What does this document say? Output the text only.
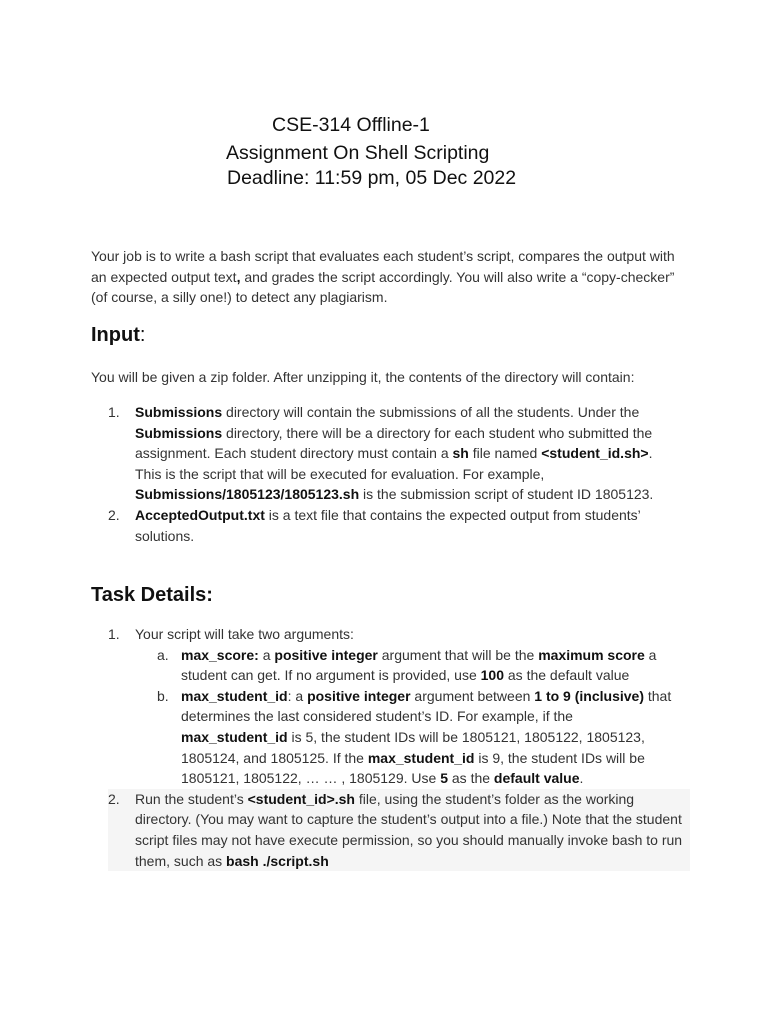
CSE-314 Offline-1
Assignment On Shell Scripting
Deadline: 11:59 pm, 05 Dec 2022
Your job is to write a bash script that evaluates each student’s script, compares the output with an expected output text, and grades the script accordingly. You will also write a “copy-checker” (of course, a silly one!) to detect any plagiarism.
Input:
You will be given a zip folder. After unzipping it, the contents of the directory will contain:
1. Submissions directory will contain the submissions of all the students. Under the Submissions directory, there will be a directory for each student who submitted the assignment. Each student directory must contain a sh file named <student_id.sh>. This is the script that will be executed for evaluation. For example, Submissions/1805123/1805123.sh is the submission script of student ID 1805123.
2. AcceptedOutput.txt is a text file that contains the expected output from students’ solutions.
Task Details:
1. Your script will take two arguments:
a. max_score: a positive integer argument that will be the maximum score a student can get. If no argument is provided, use 100 as the default value
b. max_student_id: a positive integer argument between 1 to 9 (inclusive) that determines the last considered student’s ID. For example, if the max_student_id is 5, the student IDs will be 1805121, 1805122, 1805123, 1805124, and 1805125. If the max_student_id is 9, the student IDs will be 1805121, 1805122, … … , 1805129. Use 5 as the default value.
2. Run the student’s <student_id>.sh file, using the student’s folder as the working directory. (You may want to capture the student’s output into a file.) Note that the student script files may not have execute permission, so you should manually invoke bash to run them, such as bash ./script.sh
